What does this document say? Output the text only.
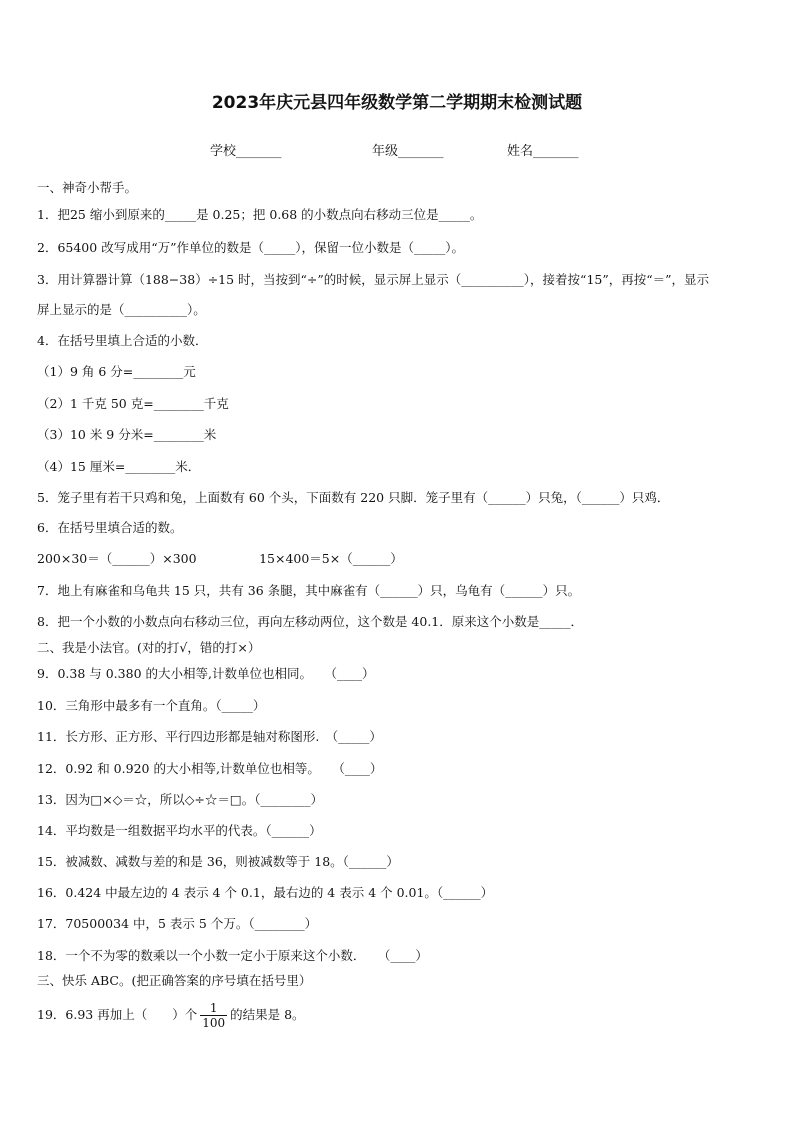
2023年庆元县四年级数学第二学期期末检测试题
学校_______	年级_______	姓名_______
一、神奇小帮手。
1．把25 缩小到原来的_____是 0.25；把 0.68 的小数点向右移动三位是_____。
2．65400 改写成用“万”作单位的数是（_____），保留一位小数是（_____）。
3．用计算器计算（188−38）÷15 时，当按到“÷”的时候，显示屏上显示（__________），接着按“15”，再按“＝”，显示
屏上显示的是（__________）。
4．在括号里填上合适的小数．
（1）9 角 6 分=________元
（2）1 千克 50 克=________千克
（3）10 米 9 分米=________米
（4）15 厘米=________米．
5．笼子里有若干只鸡和兔，上面数有 60 个头，下面数有 220 只脚．笼子里有（______）只兔，（______）只鸡．
6．在括号里填合适的数。
200×30＝（______）×300　　　　　15×400＝5×（______）
7．地上有麻雀和乌龟共 15 只，共有 36 条腿，其中麻雀有（______）只，乌龟有（______）只。
8．把一个小数的小数点向右移动三位，再向左移动两位，这个数是 40.1．原来这个小数是_____．
二、我是小法官。(对的打√，错的打×）
9．0.38 与 0.380 的大小相等,计数单位也相同。　　（____）
10．三角形中最多有一个直角。（_____）
11．长方形、正方形、平行四边形都是轴对称图形.　（_____）
12．0.92 和 0.920 的大小相等,计数单位也相等。　　（____）
13．因为□×◇＝☆，所以◇÷☆＝□。（________）
14．平均数是一组数据平均水平的代表。（______）
15．被减数、减数与差的和是 36，则被减数等于 18。（______）
16．0.424 中最左边的 4 表示 4 个 0.1，最右边的 4 表示 4 个 0.01。（______）
17．70500034 中，5 表示 5 个万。（________）
18．一个不为零的数乘以一个小数一定小于原来这个小数．　　（____）
三、快乐 ABC。(把正确答案的序号填在括号里）
19．6.93 再加上（　　）个 $\frac{1}{100}$ 的结果是 8。
